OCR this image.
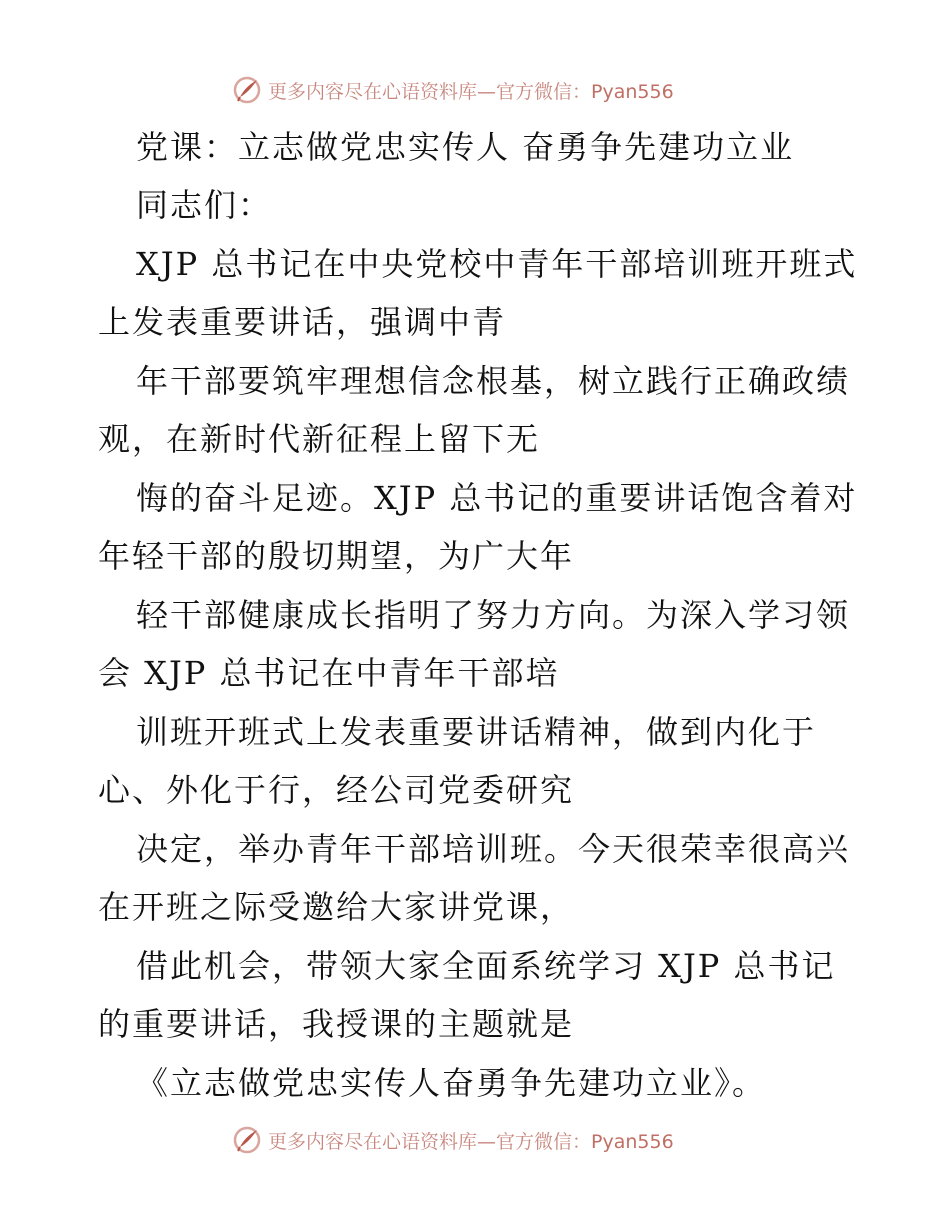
更多内容尽在心语资料库—官方微信：Pyan556
党课：立志做党忠实传人 奋勇争先建功立业
同志们：
XJP 总书记在中央党校中青年干部培训班开班式
上发表重要讲话，强调中青
年干部要筑牢理想信念根基，树立践行正确政绩
观，在新时代新征程上留下无
悔的奋斗足迹。XJP 总书记的重要讲话饱含着对
年轻干部的殷切期望，为广大年
轻干部健康成长指明了努力方向。为深入学习领
会 XJP 总书记在中青年干部培
训班开班式上发表重要讲话精神，做到内化于
心、外化于行，经公司党委研究
决定，举办青年干部培训班。今天很荣幸很高兴
在开班之际受邀给大家讲党课，
借此机会，带领大家全面系统学习 XJP 总书记
的重要讲话，我授课的主题就是
《立志做党忠实传人奋勇争先建功立业》。
更多内容尽在心语资料库—官方微信：Pyan556
